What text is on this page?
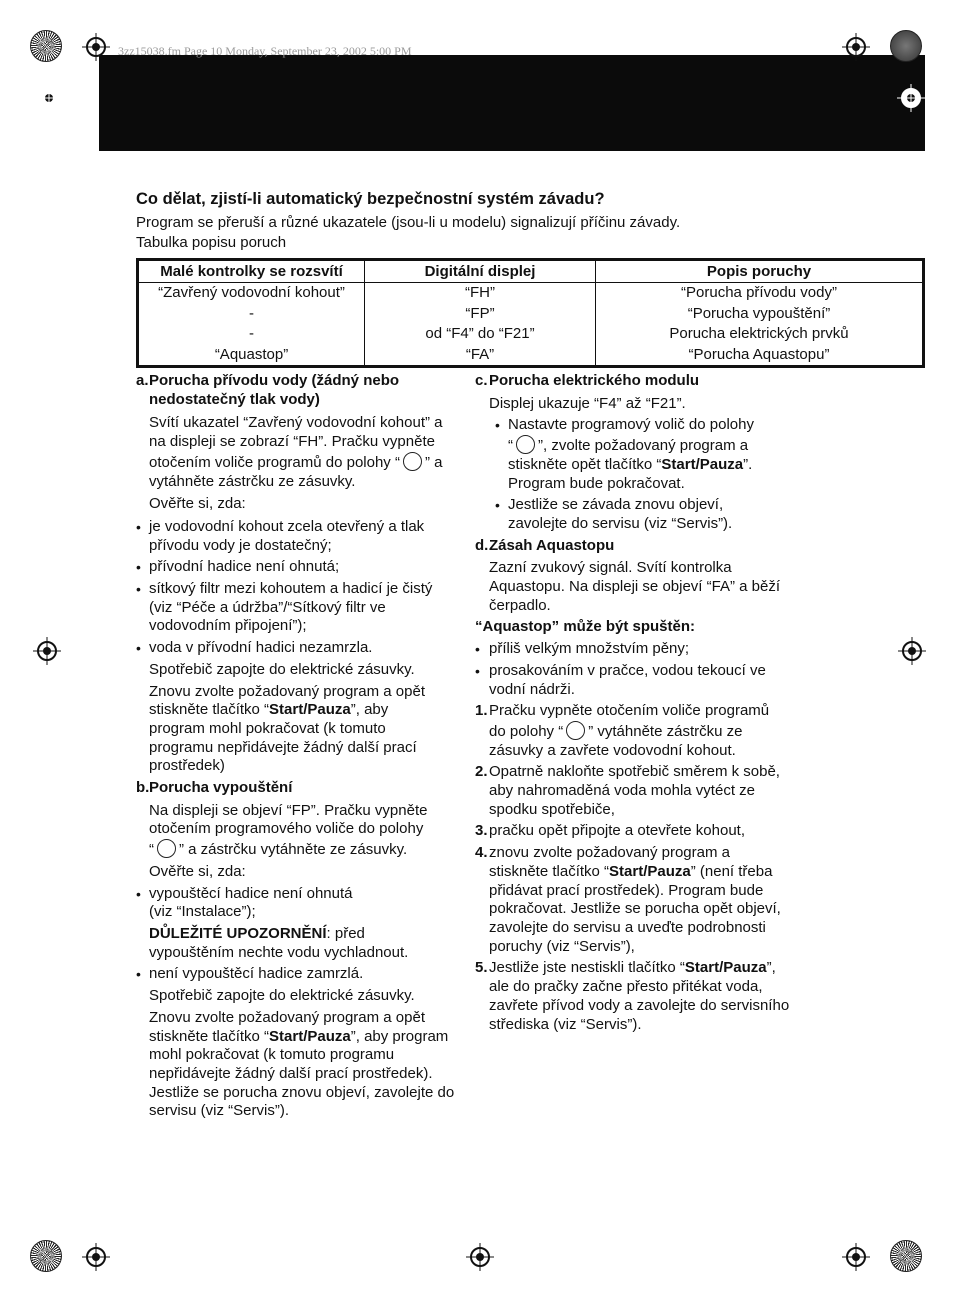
3zz15038.fm Page 10 Monday, September 23, 2002 5:00 PM
Co dělat, zjistí-li automatický bezpečnostní systém závadu?
Program se přeruší a různé ukazatele (jsou-li u modelu) signalizují příčinu závady.
Tabulka popisu poruch
Malé kontrolky se rozsvítí	Digitální displej	Popis poruchy
“Zavřený vodovodní kohout”	“FH”	“Porucha přívodu vody”
-	“FP”	“Porucha vypouštění”
-	od “F4” do “F21”	Porucha elektrických prvků
“Aquastop”	“FA”	“Porucha Aquastopu”
a. Porucha přívodu vody (žádný nebo

nedostatečný tlak vody)

Svítí ukazatel “Zavřený vodovodní kohout” a

na displeji se zobrazí “FH”. Pračku vypněte

otočením voliče programů do polohy “ ” a

vytáhněte zástrčku ze zásuvky.

Ověřte si, zda:

• je vodovodní kohout zcela otevřený a tlak

přívodu vody je dostatečný;

• přívodní hadice není ohnutá;

• sítkový filtr mezi kohoutem a hadicí je čistý

(viz “Péče a údržba”/“Sítkový filtr ve

vodovodním připojení”);

• voda v přívodní hadici nezamrzla.

Spotřebič zapojte do elektrické zásuvky.

Znovu zvolte požadovaný program a opět

stiskněte tlačítko “Start/Pauza”, aby

program mohl pokračovat (k tomuto

programu nepřidávejte žádný další prací

prostředek)

b. Porucha vypouštění

Na displeji se objeví “FP”. Pračku vypněte

otočením programového voliče do polohy

“ ” a zástrčku vytáhněte ze zásuvky.

Ověřte si, zda:

• vypouštěcí hadice není ohnutá

(viz “Instalace”);

DŮLEŽITÉ UPOZORNĚNÍ: před

vypouštěním nechte vodu vychladnout.

• není vypouštěcí hadice zamrzlá.

Spotřebič zapojte do elektrické zásuvky.

Znovu zvolte požadovaný program a opět

stiskněte tlačítko “Start/Pauza”, aby program

mohl pokračovat (k tomuto programu

nepřidávejte žádný další prací prostředek).

Jestliže se porucha znovu objeví, zavolejte do

servisu (viz “Servis”).

c. Porucha elektrického modulu

Displej ukazuje “F4” až “F21”.

• Nastavte programový volič do polohy

“ ”, zvolte požadovaný program a

stiskněte opět tlačítko “Start/Pauza”.

Program bude pokračovat.

• Jestliže se závada znovu objeví,

zavolejte do servisu (viz “Servis”).

d. Zásah Aquastopu

Zazní zvukový signál. Svítí kontrolka

Aquastopu. Na displeji se objeví “FA” a běží

čerpadlo.

“Aquastop” může být spuštěn:

• příliš velkým množstvím pěny;

• prosakováním v pračce, vodou tekoucí ve

vodní nádrži.

1. Pračku vypněte otočením voliče programů

do polohy “ ” vytáhněte zástrčku ze

zásuvky a zavřete vodovodní kohout.

2. Opatrně nakloňte spotřebič směrem k sobě,

aby nahromaděná voda mohla vytéct ze

spodku spotřebiče,

3. pračku opět připojte a otevřete kohout,

4. znovu zvolte požadovaný program a

stiskněte tlačítko “Start/Pauza” (není třeba

přidávat prací prostředek). Program bude

pokračovat. Jestliže se porucha opět objeví,

zavolejte do servisu a uveďte podrobnosti

poruchy (viz “Servis”),

5. Jestliže jste nestiskli tlačítko “Start/Pauza”,

ale do pračky začne přesto přitékat voda,

zavřete přívod vody a zavolejte do servisního

střediska (viz “Servis”).
